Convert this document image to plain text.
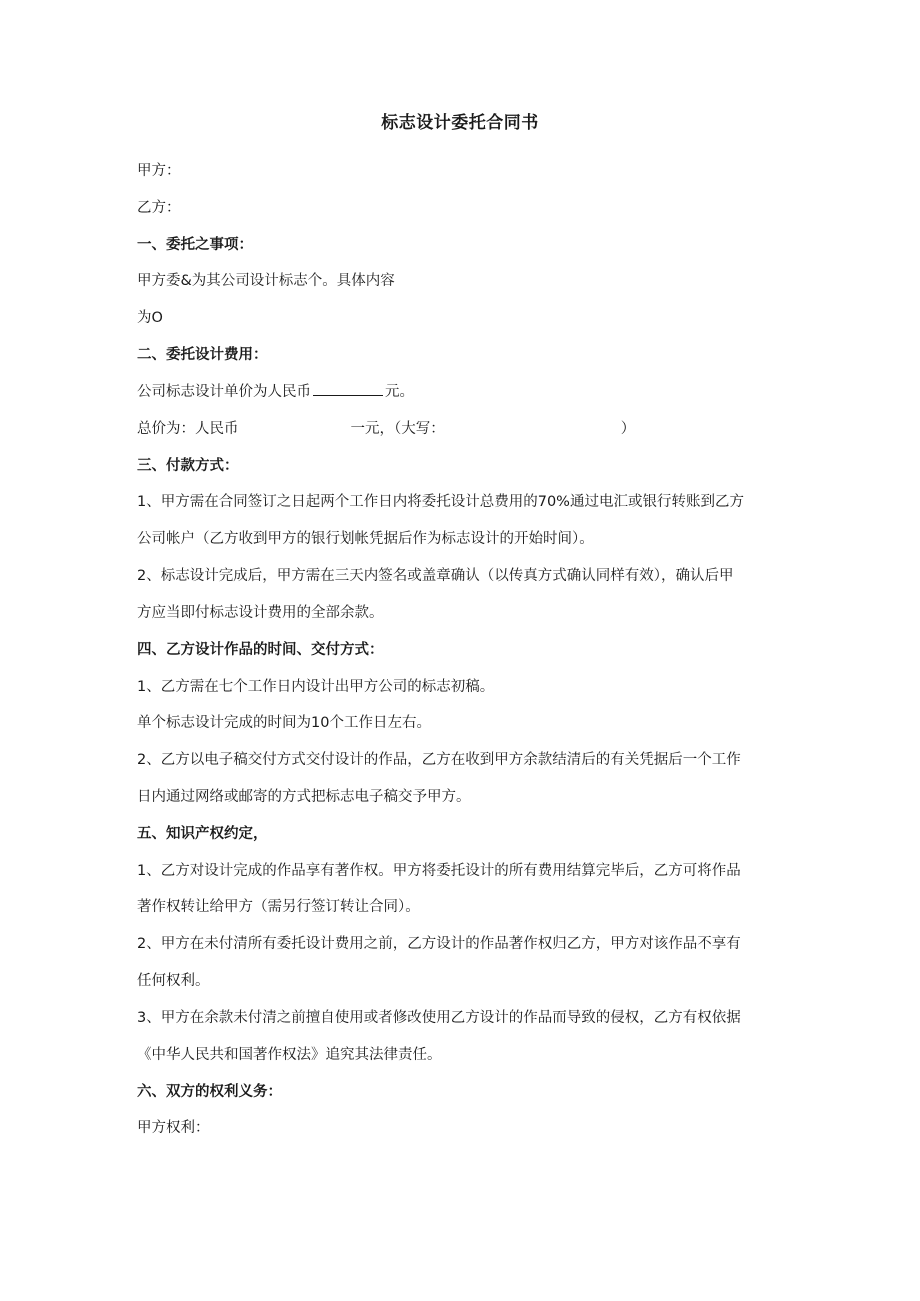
标志设计委托合同书
甲方：
乙方：
一、委托之事项：
甲方委&为其公司设计标志个。具体内容
为O
二、委托设计费用：
公司标志设计单价为人民币	元。
总价为：人民币	一元，（大写：	）
三、付款方式：
1、甲方需在合同签订之日起两个工作日内将委托设计总费用的70%通过电汇或银行转账到乙方
公司帐户（乙方收到甲方的银行划帐凭据后作为标志设计的开始时间）。
2、标志设计完成后，甲方需在三天内签名或盖章确认（以传真方式确认同样有效），确认后甲
方应当即付标志设计费用的全部余款。
四、乙方设计作品的时间、交付方式：
1、乙方需在七个工作日内设计出甲方公司的标志初稿。
单个标志设计完成的时间为10个工作日左右。
2、乙方以电子稿交付方式交付设计的作品，乙方在收到甲方余款结清后的有关凭据后一个工作
日内通过网络或邮寄的方式把标志电子稿交予甲方。
五、知识产权约定，
1、乙方对设计完成的作品享有著作权。甲方将委托设计的所有费用结算完毕后，乙方可将作品
著作权转让给甲方（需另行签订转让合同）。
2、甲方在未付清所有委托设计费用之前，乙方设计的作品著作权归乙方，甲方对该作品不享有
任何权利。
3、甲方在余款未付清之前擅自使用或者修改使用乙方设计的作品而导致的侵权，乙方有权依据
《中华人民共和国著作权法》追究其法律责任。
六、双方的权利义务：
甲方权利：
